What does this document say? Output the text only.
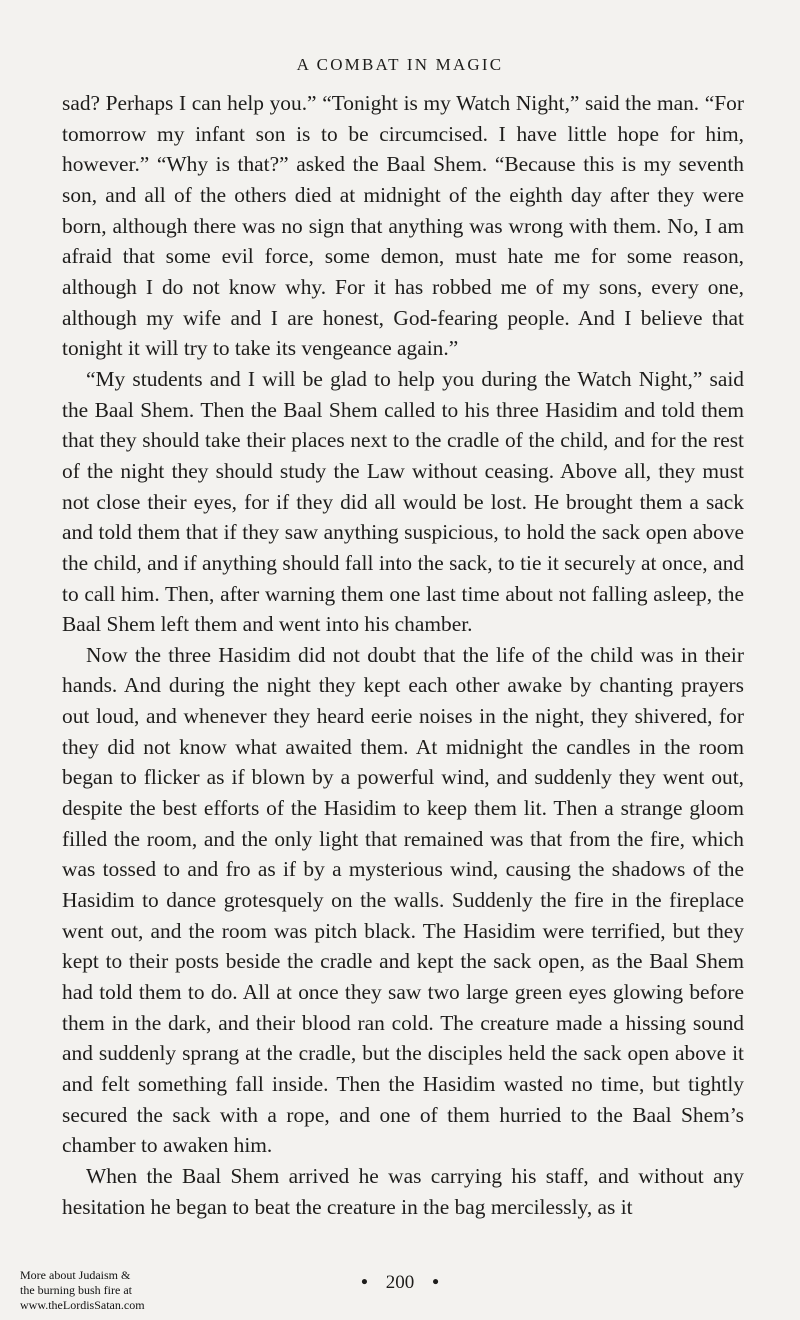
A COMBAT IN MAGIC

sad? Perhaps I can help you.” “Tonight is my Watch Night,” said the man. “For tomorrow my infant son is to be circumcised. I have little hope for him, however.” “Why is that?” asked the Baal Shem. “Because this is my seventh son, and all of the others died at midnight of the eighth day after they were born, although there was no sign that anything was wrong with them. No, I am afraid that some evil force, some demon, must hate me for some reason, although I do not know why. For it has robbed me of my sons, every one, although my wife and I are honest, God-fearing people. And I believe that tonight it will try to take its vengeance again.”

“My students and I will be glad to help you during the Watch Night,” said the Baal Shem. Then the Baal Shem called to his three Hasidim and told them that they should take their places next to the cradle of the child, and for the rest of the night they should study the Law without ceasing. Above all, they must not close their eyes, for if they did all would be lost. He brought them a sack and told them that if they saw anything suspicious, to hold the sack open above the child, and if anything should fall into the sack, to tie it securely at once, and to call him. Then, after warning them one last time about not falling asleep, the Baal Shem left them and went into his chamber.

Now the three Hasidim did not doubt that the life of the child was in their hands. And during the night they kept each other awake by chanting prayers out loud, and whenever they heard eerie noises in the night, they shivered, for they did not know what awaited them. At midnight the candles in the room began to flicker as if blown by a powerful wind, and suddenly they went out, despite the best efforts of the Hasidim to keep them lit. Then a strange gloom filled the room, and the only light that remained was that from the fire, which was tossed to and fro as if by a mysterious wind, causing the shadows of the Hasidim to dance grotesquely on the walls. Suddenly the fire in the fireplace went out, and the room was pitch black. The Hasidim were terrified, but they kept to their posts beside the cradle and kept the sack open, as the Baal Shem had told them to do. All at once they saw two large green eyes glowing before them in the dark, and their blood ran cold. The creature made a hissing sound and suddenly sprang at the cradle, but the disciples held the sack open above it and felt something fall inside. Then the Hasidim wasted no time, but tightly secured the sack with a rope, and one of them hurried to the Baal Shem’s chamber to awaken him.

When the Baal Shem arrived he was carrying his staff, and without any hesitation he began to beat the creature in the bag mercilessly, as it

• 200 •
More about Judaism &
the burning bush fire at
www.theLordisSatan.com
